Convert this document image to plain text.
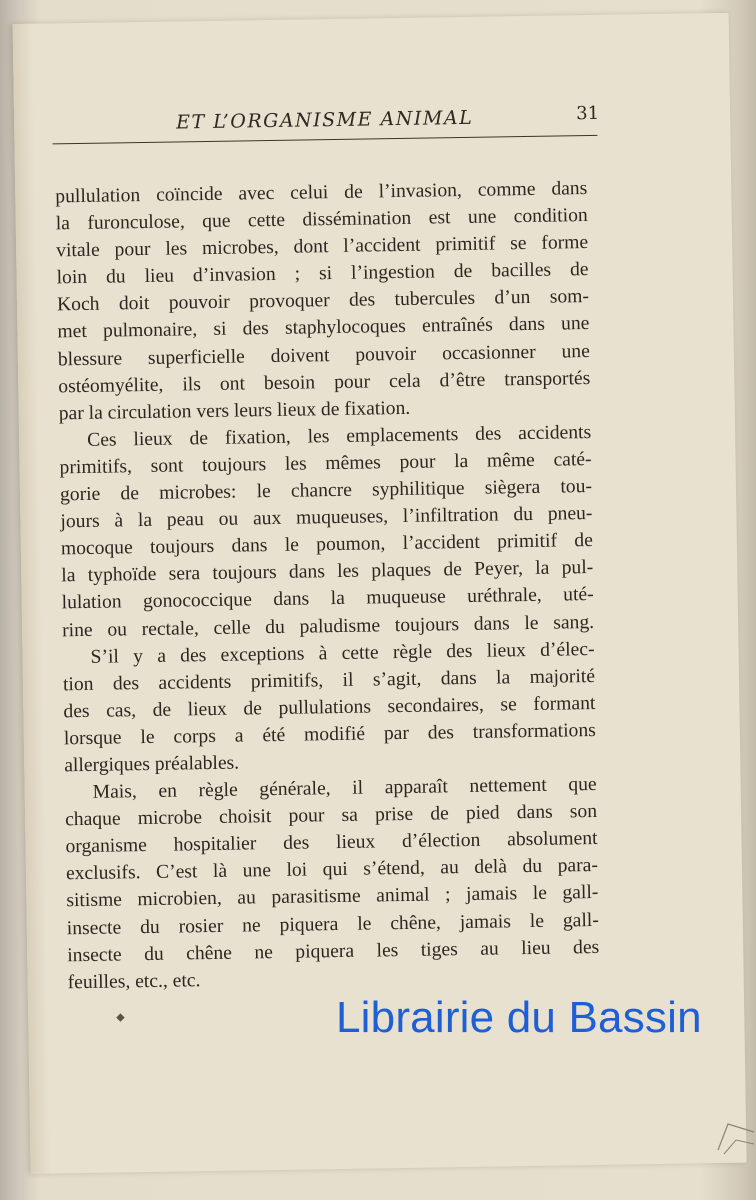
ET L’ORGANISME ANIMAL	31
pullulation coïncide avec celui de l’invasion, comme dans
la furonculose, que cette dissémination est une condition
vitale pour les microbes, dont l’accident primitif se forme
loin du lieu d’invasion ; si l’ingestion de bacilles de
Koch doit pouvoir provoquer des tubercules d’un som-
met pulmonaire, si des staphylocoques entraînés dans une
blessure superficielle doivent pouvoir occasionner une
ostéomyélite, ils ont besoin pour cela d’être transportés
par la circulation vers leurs lieux de fixation.
Ces lieux de fixation, les emplacements des accidents
primitifs, sont toujours les mêmes pour la même caté-
gorie de microbes: le chancre syphilitique siègera tou-
jours à la peau ou aux muqueuses, l’infiltration du pneu-
mocoque toujours dans le poumon, l’accident primitif de
la typhoïde sera toujours dans les plaques de Peyer, la pul-
lulation gonococcique dans la muqueuse uréthrale, uté-
rine ou rectale, celle du paludisme toujours dans le sang.
S’il y a des exceptions à cette règle des lieux d’élec-
tion des accidents primitifs, il s’agit, dans la majorité
des cas, de lieux de pullulations secondaires, se formant
lorsque le corps a été modifié par des transformations
allergiques préalables.
Mais, en règle générale, il apparaît nettement que
chaque microbe choisit pour sa prise de pied dans son
organisme hospitalier des lieux d’élection absolument
exclusifs. C’est là une loi qui s’étend, au delà du para-
sitisme microbien, au parasitisme animal ; jamais le gall-
insecte du rosier ne piquera le chêne, jamais le gall-
insecte du chêne ne piquera les tiges au lieu des
feuilles, etc., etc.
◆	Librairie du Bassin
